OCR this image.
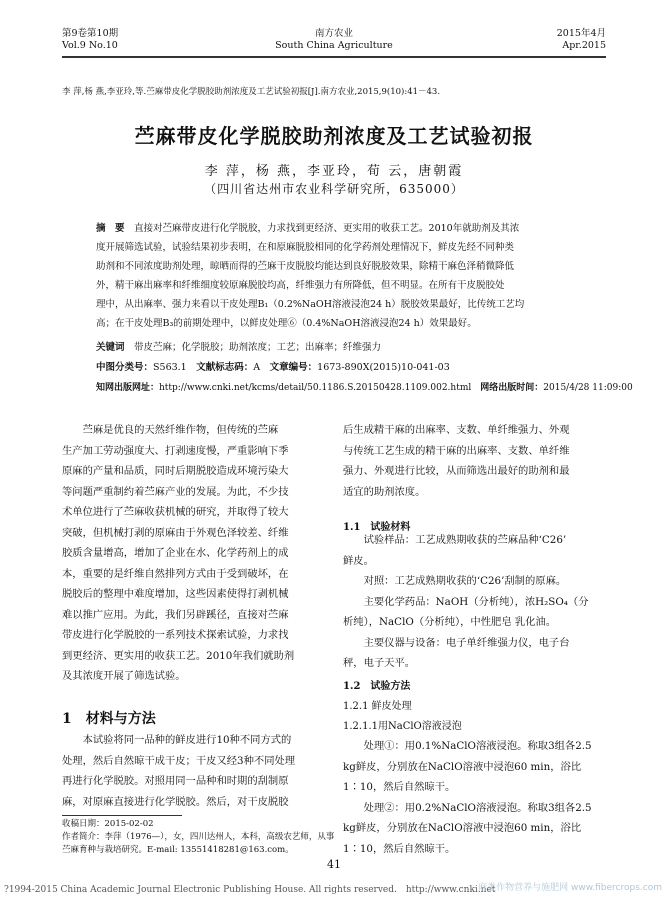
第9卷第10期
Vol.9 No.10
南方农业
South China Agriculture
2015年4月
Apr.2015
李 萍,杨 燕,李亚玲,等.苎麻带皮化学脱胶助剂浓度及工艺试验初报[J].南方农业,2015,9(10):41－43.
苎麻带皮化学脱胶助剂浓度及工艺试验初报
李 萍，杨 燕，李亚玲，荀 云，唐朝霞
（四川省达州市农业科学研究所，635000）
摘　要　 直接对苎麻带皮进行化学脱胶，力求找到更经济、更实用的收获工艺。2010年就助剂及其浓
度开展筛选试验，试验结果初步表明，在和原麻脱胶相同的化学药剂处理情况下，鲜皮先经不同种类
助剂和不同浓度助剂处理，晾晒而得的苎麻干皮脱胶均能达到良好脱胶效果，除精干麻色泽稍微降低
外，精干麻出麻率和纤维细度较原麻脱胶均高，纤维强力有所降低，但不明显。在所有干皮脱胶处
理中，从出麻率、强力来看以干皮处理B₁（0.2%NaOH溶液浸泡24 h）脱胶效果最好，比传统工艺均
高；在干皮处理B₃的前期处理中，以鲜皮处理⑥（0.4%NaOH溶液浸泡24 h）效果最好。
关键词　 带皮苎麻；化学脱胶；助剂浓度；工艺；出麻率；纤维强力
中图分类号：S563.1　 文献标志码：A　 文章编号：1673-890X(2015)10-041-03
知网出版网址：http://www.cnki.net/kcms/detail/50.1186.S.20150428.1109.002.html　 网络出版时间：2015/4/28 11:09:00
苎麻是优良的天然纤维作物，但传统的苎麻
生产加工劳动强度大、打剥速度慢，严重影响下季
原麻的产量和品质，同时后期脱胶造成环境污染大
等问题严重制约着苎麻产业的发展。为此，不少技
术单位进行了苎麻收获机械的研究，并取得了较大
突破，但机械打剥的原麻由于外观色泽较差、纤维
胶质含量增高，增加了企业在水、化学药剂上的成
本，重要的是纤维自然排列方式由于受到破坏，在
脱胶后的整理中难度增加，这些因素使得打剥机械
难以推广应用。为此，我们另辟蹊径，直接对苎麻
带皮进行化学脱胶的一系列技术探索试验，力求找
到更经济、更实用的收获工艺。2010年我们就助剂
及其浓度开展了筛选试验。
1　材料与方法
本试验将同一品种的鲜皮进行10种不同方式的
处理，然后自然晾干成干皮；干皮又经3种不同处理
再进行化学脱胶。对照用同一品种和时期的刮制原
麻，对原麻直接进行化学脱胶。然后，对干皮脱胶
收稿日期：2015-02-02
作者简介：李萍（1976—），女，四川达州人，本科，高级农艺师，从事
苎麻育种与栽培研究。E-mail: 13551418281@163.com。
后生成精干麻的出麻率、支数、单纤维强力、外观
与传统工艺生成的精干麻的出麻率、支数、单纤维
强力、外观进行比较，从而筛选出最好的助剂和最
适宜的助剂浓度。
1.1　试验材料
试验样品：工艺成熟期收获的苎麻品种‘C26’
鲜皮。
对照：工艺成熟期收获的‘C26’刮制的原麻。
主要化学药品：NaOH（分析纯），浓H₂SO₄（分
析纯），NaClO（分析纯），中性肥皂 乳化油。
主要仪器与设备：电子单纤维强力仪，电子台
秤，电子天平。
1.2　试验方法
1.2.1 鲜皮处理
1.2.1.1用NaClO溶液浸泡
处理①：用0.1%NaClO溶液浸泡。称取3组各2.5
kg鲜皮，分别放在NaClO溶液中浸泡60 min，浴比
1∶10，然后自然晾干。
处理②：用0.2%NaClO溶液浸泡。称取3组各2.5
kg鲜皮，分别放在NaClO溶液中浸泡60 min，浴比
1∶10，然后自然晾干。
41
?1994-2015 China Academic Journal Electronic Publishing House. All rights reserved.　http://www.cnki.net
麻类作物营养与施肥网 www.fibercrops.com
